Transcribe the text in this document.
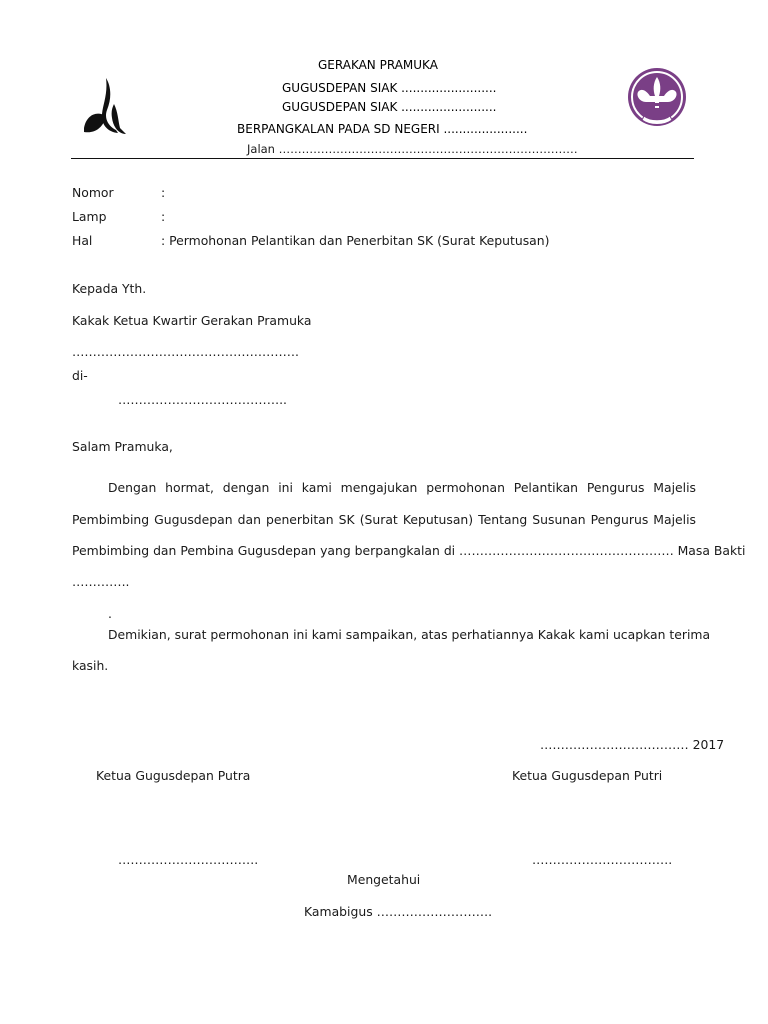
GERAKAN PRAMUKA
GUGUSDEPAN SIAK .........................
GUGUSDEPAN SIAK .........................
BERPANGKALAN PADA SD NEGERI ......................
Jalan ……………………………………………………………………
Nomor	:
Lamp	:
Hal	: Permohonan Pelantikan dan Penerbitan SK (Surat Keputusan)
Kepada Yth.
Kakak Ketua Kwartir Gerakan Pramuka
……………………………………………….
di-
…………………………………..
Salam Pramuka,
Dengan hormat, dengan ini kami mengajukan permohonan Pelantikan Pengurus Majelis
Pembimbing Gugusdepan dan penerbitan SK (Surat Keputusan) Tentang Susunan Pengurus Majelis
Pembimbing dan Pembina Gugusdepan yang berpangkalan di ……………………………………………. Masa Bakti
…………..
.
Demikian, surat permohonan ini kami sampaikan, atas perhatiannya Kakak kami ucapkan terima
kasih.
……………………………… 2017
Ketua Gugusdepan Putra	Ketua Gugusdepan Putri
…………………………….	…………………………….
Mengetahui
Kamabigus ……………………….
